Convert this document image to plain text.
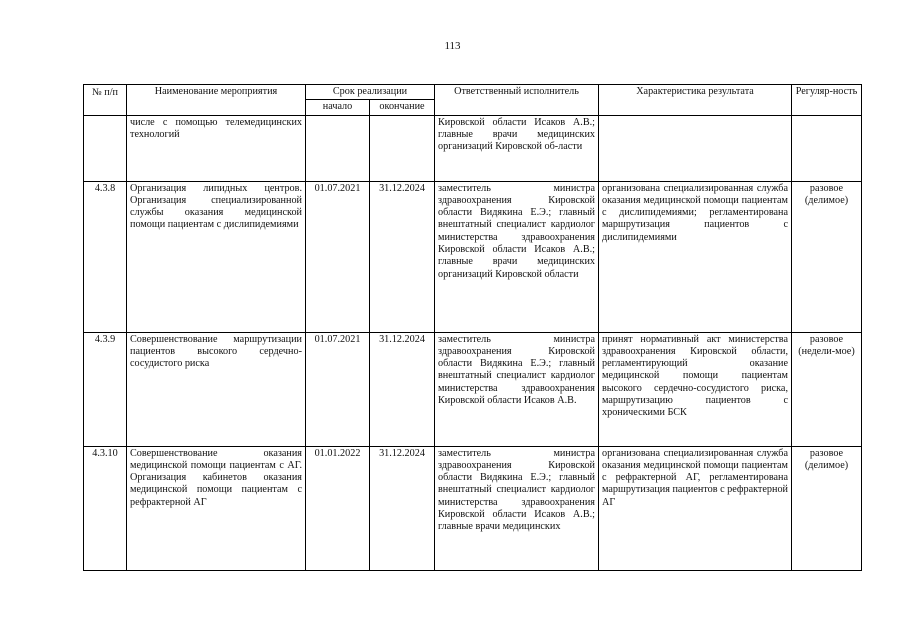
113
№ п/п	Наименование мероприятия	Срок реализации		Ответственный исполнитель	Характеристика результата	Регуляр-ность
		начало	окончание			
	числе с помощью телемедицинских технологий			Кировской области Исаков А.В.; главные врачи медицинских организаций Кировской об-ласти		
4.3.8	Организация липидных центров. Организация специализированной службы оказания медицинской помощи пациентам с дислипидемиями	01.07.2021	31.12.2024	заместитель министра здравоохранения Кировской области Видякина Е.Э.; главный внештатный специалист кардиолог министерства здравоохранения Кировской области Исаков А.В.; главные врачи медицинских организаций Кировской области	организована специализированная служба оказания медицинской помощи пациентам с дислипидемиями; регламентирована маршрутизация пациентов с дислипидемиями	разовое (делимое)
4.3.9	Совершенствование маршрутизации пациентов высокого сердечно-сосудистого риска	01.07.2021	31.12.2024	заместитель министра здравоохранения Кировской области Видякина Е.Э.; главный внештатный специалист кардиолог министерства здравоохранения Кировской области Исаков А.В.	принят нормативный акт министерства здравоохранения Кировской области, регламентирующий оказание медицинской помощи пациентам высокого сердечно-сосудистого риска, маршрутизацию пациентов с хроническими БСК	разовое (недели-мое)
4.3.10	Совершенствование оказания медицинской помощи пациентам с АГ. Организация кабинетов оказания медицинской помощи пациентам с рефрактерной АГ	01.01.2022	31.12.2024	заместитель министра здравоохранения Кировской области Видякина Е.Э.; главный внештатный специалист кардиолог министерства здравоохранения Кировской области Исаков А.В.; главные врачи медицинских	организована специализированная служба оказания медицинской помощи пациентам с рефрактерной АГ, регламентирована маршрутизация пациентов с рефрактерной АГ	разовое (делимое)
